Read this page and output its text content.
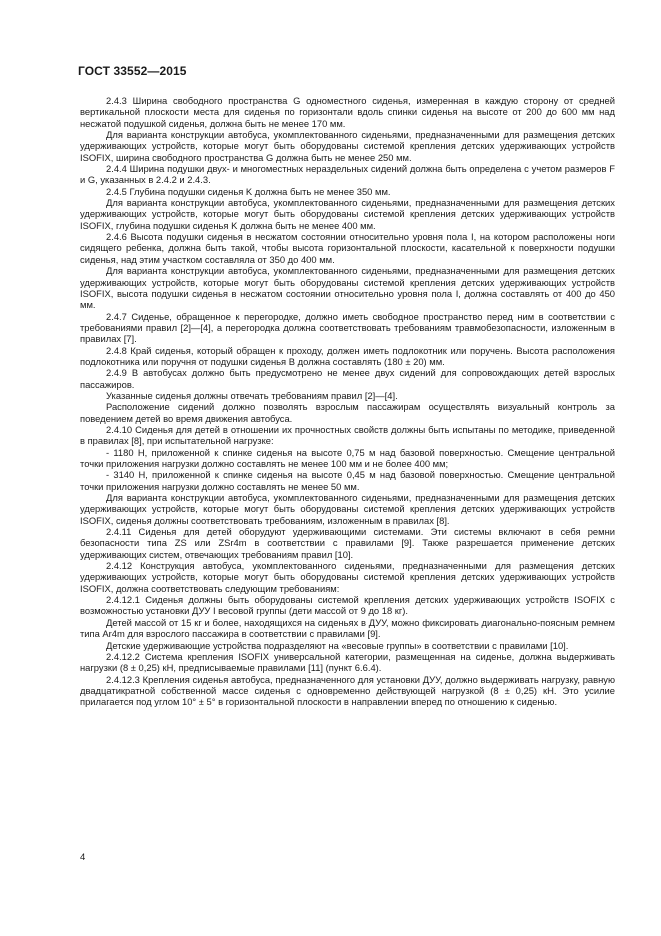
ГОСТ 33552—2015

2.4.3 Ширина свободного пространства G одноместного сиденья, измеренная в каждую сторону от средней вертикальной плоскости места для сиденья по горизонтали вдоль спинки сиденья на высоте от 200 до 600 мм над несжатой подушкой сиденья, должна быть не менее 170 мм.

Для варианта конструкции автобуса, укомплектованного сиденьями, предназначенными для размещения детских удерживающих устройств, которые могут быть оборудованы системой крепления детских удерживающих устройств ISOFIX, ширина свободного пространства G должна быть не менее 250 мм.

2.4.4 Ширина подушки двух- и многоместных нераздельных сидений должна быть определена с учетом размеров F и G, указанных в 2.4.2 и 2.4.3.

2.4.5 Глубина подушки сиденья K должна быть не менее 350 мм.

Для варианта конструкции автобуса, укомплектованного сиденьями, предназначенными для размещения детских удерживающих устройств, которые могут быть оборудованы системой крепления детских удерживающих устройств ISOFIX, глубина подушки сиденья K должна быть не менее 400 мм.

2.4.6 Высота подушки сиденья в несжатом состоянии относительно уровня пола I, на котором расположены ноги сидящего ребенка, должна быть такой, чтобы высота горизонтальной плоскости, касательной к поверхности подушки сиденья, над этим участком составляла от 350 до 400 мм.

Для варианта конструкции автобуса, укомплектованного сиденьями, предназначенными для размещения детских удерживающих устройств, которые могут быть оборудованы системой крепления детских удерживающих устройств ISOFIX, высота подушки сиденья в несжатом состоянии относительно уровня пола I, должна составлять от 400 до 450 мм.

2.4.7 Сиденье, обращенное к перегородке, должно иметь свободное пространство перед ним в соответствии с требованиями правил [2]—[4], а перегородка должна соответствовать требованиям травмобезопасности, изложенным в правилах [7].

2.4.8 Край сиденья, который обращен к проходу, должен иметь подлокотник или поручень. Высота расположения подлокотника или поручня от подушки сиденья B должна составлять (180 ± 20) мм.

2.4.9 В автобусах должно быть предусмотрено не менее двух сидений для сопровождающих детей взрослых пассажиров.

Указанные сиденья должны отвечать требованиям правил [2]—[4].

Расположение сидений должно позволять взрослым пассажирам осуществлять визуальный контроль за поведением детей во время движения автобуса.

2.4.10 Сиденья для детей в отношении их прочностных свойств должны быть испытаны по методике, приведенной в правилах [8], при испытательной нагрузке:

- 1180 Н, приложенной к спинке сиденья на высоте 0,75 м над базовой поверхностью. Смещение центральной точки приложения нагрузки должно составлять не менее 100 мм и не более 400 мм;

- 3140 Н, приложенной к спинке сиденья на высоте 0,45 м над базовой поверхностью. Смещение центральной точки приложения нагрузки должно составлять не менее 50 мм.

Для варианта конструкции автобуса, укомплектованного сиденьями, предназначенными для размещения детских удерживающих устройств, которые могут быть оборудованы системой крепления детских удерживающих устройств ISOFIX, сиденья должны соответствовать требованиям, изложенным в правилах [8].

2.4.11 Сиденья для детей оборудуют удерживающими системами. Эти системы включают в себя ремни безопасности типа ZS или ZSr4m в соответствии с правилами [9]. Также разрешается применение детских удерживающих систем, отвечающих требованиям правил [10].

2.4.12 Конструкция автобуса, укомплектованного сиденьями, предназначенными для размещения детских удерживающих устройств, которые могут быть оборудованы системой крепления детских удерживающих устройств ISOFIX, должна соответствовать следующим требованиям:

2.4.12.1 Сиденья должны быть оборудованы системой крепления детских удерживающих устройств ISOFIX с возможностью установки ДУУ I весовой группы (дети массой от 9 до 18 кг).

Детей массой от 15 кг и более, находящихся на сиденьях в ДУУ, можно фиксировать диагонально-поясным ремнем типа Ar4m для взрослого пассажира в соответствии с правилами [9].

Детские удерживающие устройства подразделяют на «весовые группы» в соответствии с правилами [10].

2.4.12.2 Система крепления ISOFIX универсальной категории, размещенная на сиденье, должна выдерживать нагрузки (8 ± 0,25) кН, предписываемые правилами [11] (пункт 6.6.4).

2.4.12.3 Крепления сиденья автобуса, предназначенного для установки ДУУ, должно выдерживать нагрузку, равную двадцатикратной собственной массе сиденья с одновременно действующей нагрузкой (8 ± 0,25) кН. Это усилие прилагается под углом 10° ± 5° в горизонтальной плоскости в направлении вперед по отношению к сиденью.

4
